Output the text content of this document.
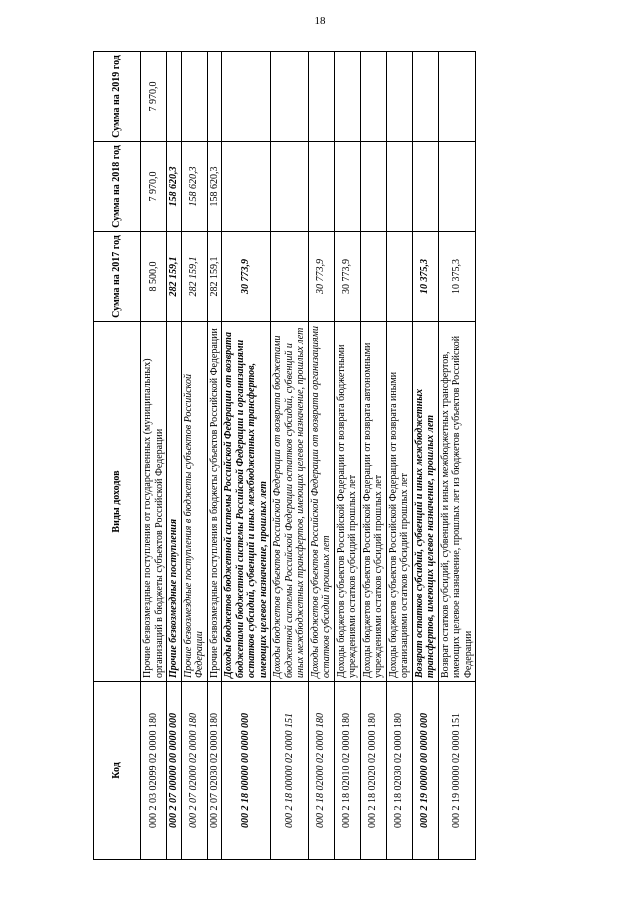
18
Код	Виды доходов	Сумма на 2017 год	Сумма на 2018 год	Сумма на 2019 год
000 2 03 02099 02 0000 180	Прочие безвозмездные поступления от государственных (муниципальных) организаций в бюджеты субъектов Российской Федерации	8 500,0	7 970,0	7 970,0
000 2 07 00000 00 0000 000	Прочие безвозмездные поступления	282 159,1	158 620,3	
000 2 07 02000 02 0000 180	Прочие безвозмездные поступления в бюджеты субъектов Российской Федерации	282 159,1	158 620,3	
000 2 07 02030 02 0000 180	Прочие безвозмездные поступления в бюджеты субъектов Российской Федерации	282 159,1	158 620,3	
000 2 18 00000 00 0000 000	Доходы бюджетов бюджетной системы Российской Федерации от возврата бюджетами бюджетной системы Российской Федерации и организациями остатков субсидий, субвенций и иных межбюджетных трансфертов, имеющих целевое назначение, прошлых лет	30 773,9		
000 2 18 00000 02 0000 151	Доходы бюджетов субъектов Российской Федерации от возврата бюджетами бюджетной системы Российской Федерации остатков субсидий, субвенций и иных межбюджетных трансфертов, имеющих целевое назначение, прошлых лет			
000 2 18 02000 02 0000 180	Доходы бюджетов субъектов Российской Федерации от возврата организациями остатков субсидий прошлых лет	30 773,9		
000 2 18 02010 02 0000 180	Доходы бюджетов субъектов Российской Федерации от возврата бюджетными учреждениями остатков субсидий прошлых лет	30 773,9		
000 2 18 02020 02 0000 180	Доходы бюджетов субъектов Российской Федерации от возврата автономными учреждениями остатков субсидий прошлых лет			
000 2 18 02030 02 0000 180	Доходы бюджетов субъектов Российской Федерации от возврата иными организациями остатков субсидий прошлых лет			
000 2 19 00000 00 0000 000	Возврат остатков субсидий, субвенций и иных межбюджетных трансфертов, имеющих целевое назначение, прошлых лет	10 375,3		
000 2 19 00000 02 0000 151	Возврат остатков субсидий, субвенций и иных межбюджетных трансфертов, имеющих целевое назначение, прошлых лет из бюджетов субъектов Российской Федерации	10 375,3		
